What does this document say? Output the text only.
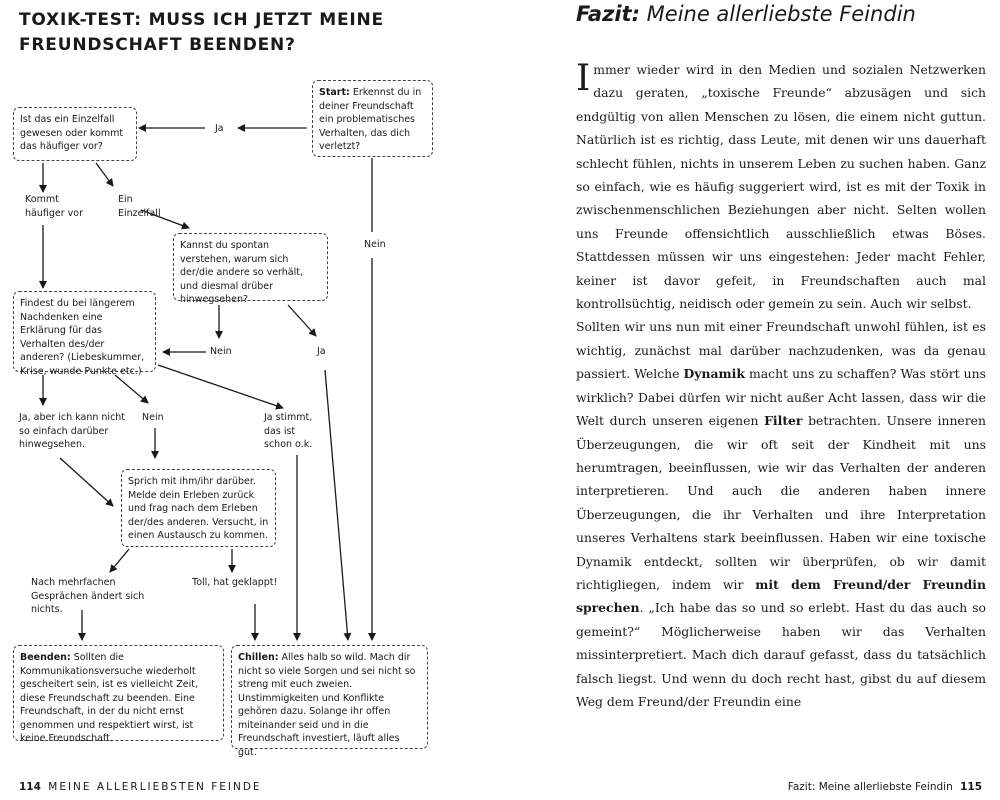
TOXIK-TEST: MUSS ICH JETZT MEINE
FREUNDSCHAFT BEENDEN?
Start: Erkennst du in deiner Freundschaft ein problematisches Verhalten, das dich verletzt?
Ist das ein Einzelfall gewesen oder kommt das häufiger vor?
Ja
Nein
Kommt häufiger vor
Ein Einzelfall
Kannst du spontan verstehen, warum sich der/die andere so verhält, und diesmal drüber hinwegsehen?
Findest du bei längerem Nachdenken eine Erklärung für das Verhalten des/der anderen? (Liebeskummer, Krise, wunde Punkte etc.)
Nein	Ja
Ja, aber ich kann nicht so einfach darüber hinwegsehen.
Nein	Ja stimmt, das ist schon o.k.
Sprich mit ihm/ihr darüber. Melde dein Erleben zurück und frag nach dem Erleben der/des anderen. Versucht, in einen Austausch zu kommen.
Nach mehrfachen Gesprächen ändert sich nichts.
Toll, hat geklappt!
Beenden: Sollten die Kommunikationsversuche wiederholt gescheitert sein, ist es vielleicht Zeit, diese Freundschaft zu beenden. Eine Freundschaft, in der du nicht ernst genommen und respektiert wirst, ist keine Freundschaft.
Chillen: Alles halb so wild. Mach dir nicht so viele Sorgen und sei nicht so streng mit euch zweien. Unstimmigkeiten und Konflikte gehören dazu. Solange ihr offen miteinander seid und in die Freundschaft investiert, läuft alles gut.
114 MEINE ALLERLIEBSTEN FEINDE
Fazit: Meine allerliebste Feindin

Immer wieder wird in den Medien und sozialen Netzwerken dazu geraten, „toxische Freunde“ abzusägen und sich endgültig von allen Menschen zu lösen, die einem nicht guttun. Natürlich ist es richtig, dass Leute, mit denen wir uns dauerhaft schlecht fühlen, nichts in unserem Leben zu suchen haben. Ganz so einfach, wie es häufig suggeriert wird, ist es mit der Toxik in zwischenmenschlichen Beziehungen aber nicht. Selten wollen uns Freunde offensichtlich ausschließlich etwas Böses. Stattdessen müssen wir uns eingestehen: Jeder macht Fehler, keiner ist davor gefeit, in Freundschaften auch mal kontrollsüchtig, neidisch oder gemein zu sein. Auch wir selbst.

Sollten wir uns nun mit einer Freundschaft unwohl fühlen, ist es wichtig, zunächst mal darüber nachzudenken, was da genau passiert. Welche Dynamik macht uns zu schaffen? Was stört uns wirklich? Dabei dürfen wir nicht außer Acht lassen, dass wir die Welt durch unseren eigenen Filter betrachten. Unsere inneren Überzeugungen, die wir oft seit der Kindheit mit uns herumtragen, beeinflussen, wie wir das Verhalten der anderen interpretieren. Und auch die anderen haben innere Überzeugungen, die ihr Verhalten und ihre Interpretation unseres Verhaltens stark beeinflussen. Haben wir eine toxische Dynamik entdeckt, sollten wir überprüfen, ob wir damit richtigliegen, indem wir mit dem Freund/der Freundin sprechen. „Ich habe das so und so erlebt. Hast du das auch so gemeint?“ Möglicherweise haben wir das Verhalten missinterpretiert. Mach dich darauf gefasst, dass du tatsächlich falsch liegst. Und wenn du doch recht hast, gibst du auf diesem Weg dem Freund/der Freundin eine

Fazit: Meine allerliebste Feindin 115
